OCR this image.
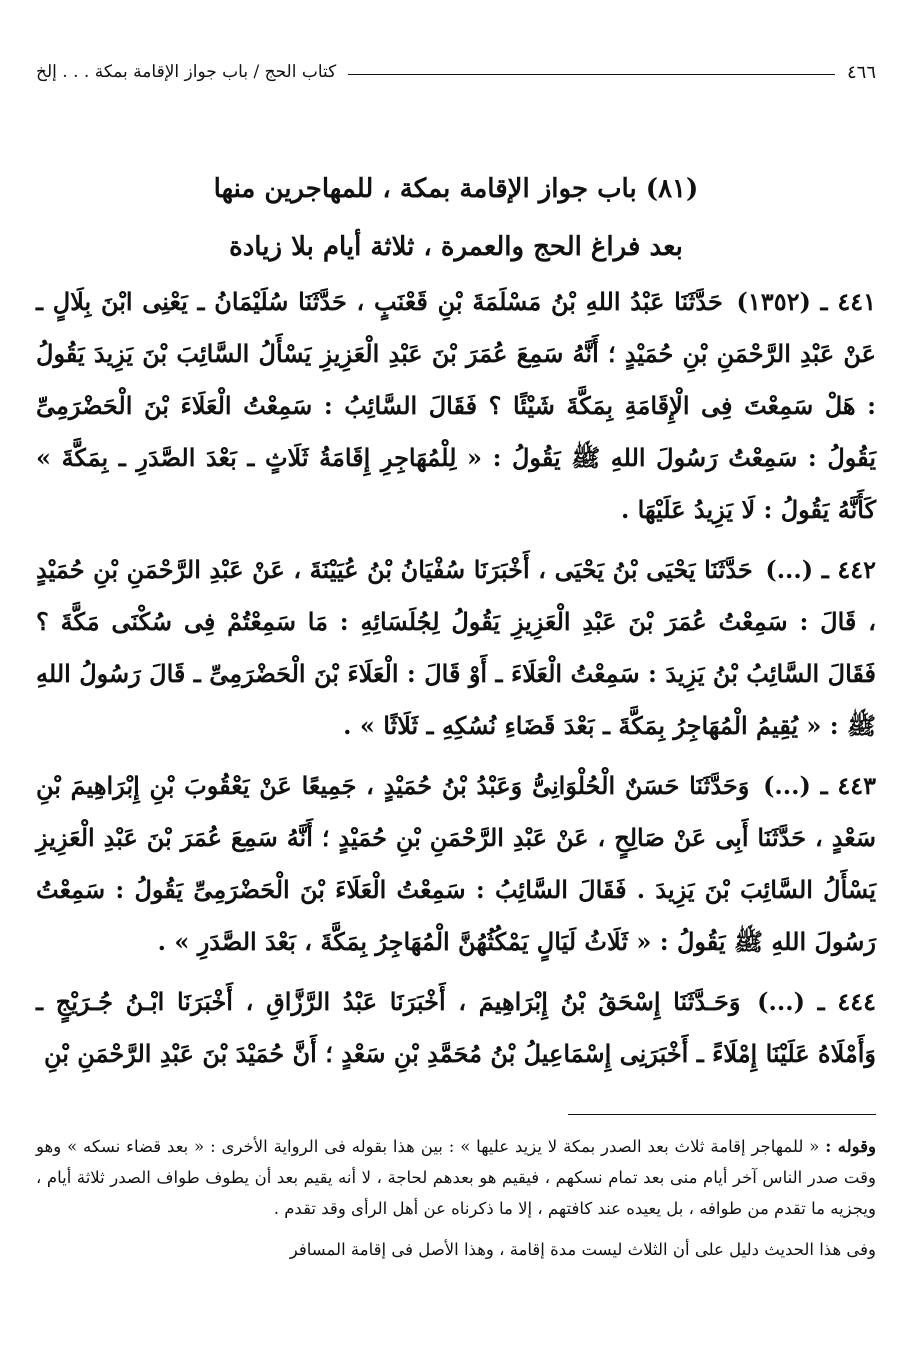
٤٦٦
كتاب الحج / باب جواز الإقامة بمكة . . . إلخ
(٨١) باب جواز الإقامة بمكة ، للمهاجرين منها
بعد فراغ الحج والعمرة ، ثلاثة أيام بلا زيادة

٤٤١ ـ (١٣٥٢) حَدَّثَنَا عَبْدُ اللهِ بْنُ مَسْلَمَةَ بْنِ قَعْنَبٍ ، حَدَّثَنَا سُلَيْمَانُ ـ يَعْنِى ابْنَ بِلَالٍ ـ عَنْ عَبْدِ الرَّحْمَنِ بْنِ حُمَيْدٍ ؛ أَنَّهُ سَمِعَ عُمَرَ بْنَ عَبْدِ الْعَزِيزِ يَسْأَلُ السَّائِبَ بْنَ يَزِيدَ يَقُولُ : هَلْ سَمِعْتَ فِى الْإِقَامَةِ بِمَكَّةَ شَيْئًا ؟ فَقَالَ السَّائِبُ : سَمِعْتُ الْعَلَاءَ بْنَ الْحَضْرَمِىِّ يَقُولُ : سَمِعْتُ رَسُولَ اللهِ ﷺ يَقُولُ : « لِلْمُهَاجِرِ إِقَامَةُ ثَلَاثٍ ـ بَعْدَ الصَّدَرِ ـ بِمَكَّةَ » كَأَنَّهُ يَقُولُ : لَا يَزِيدُ عَلَيْهَا .

٤٤٢ ـ (...) حَدَّثَنَا يَحْيَى بْنُ يَحْيَى ، أَخْبَرَنَا سُفْيَانُ بْنُ عُيَيْنَةَ ، عَنْ عَبْدِ الرَّحْمَنِ بْنِ حُمَيْدٍ ، قَالَ : سَمِعْتُ عُمَرَ بْنَ عَبْدِ الْعَزِيزِ يَقُولُ لِجُلَسَائِهِ : مَا سَمِعْتُمْ فِى سُكْنَى مَكَّةَ ؟ فَقَالَ السَّائِبُ بْنُ يَزِيدَ : سَمِعْتُ الْعَلَاءَ ـ أَوْ قَالَ : الْعَلَاءَ بْنَ الْحَضْرَمِىِّ ـ قَالَ رَسُولُ اللهِ ﷺ : « يُقِيمُ الْمُهَاجِرُ بِمَكَّةَ ـ بَعْدَ قَضَاءِ نُسُكِهِ ـ ثَلَاثًا » .

٤٤٣ ـ (...) وَحَدَّثَنَا حَسَنٌ الْحُلْوَانِىُّ وَعَبْدُ بْنُ حُمَيْدٍ ، جَمِيعًا عَنْ يَعْقُوبَ بْنِ إِبْرَاهِيمَ بْنِ سَعْدٍ ، حَدَّثَنَا أَبِى عَنْ صَالِحٍ ، عَنْ عَبْدِ الرَّحْمَنِ بْنِ حُمَيْدٍ ؛ أَنَّهُ سَمِعَ عُمَرَ بْنَ عَبْدِ الْعَزِيزِ يَسْأَلُ السَّائِبَ بْنَ يَزِيدَ . فَقَالَ السَّائِبُ : سَمِعْتُ الْعَلَاءَ بْنَ الْحَضْرَمِىِّ يَقُولُ : سَمِعْتُ رَسُولَ اللهِ ﷺ يَقُولُ : « ثَلَاثُ لَيَالٍ يَمْكُثُهُنَّ الْمُهَاجِرُ بِمَكَّةَ ، بَعْدَ الصَّدَرِ » .

٤٤٤ ـ (...) وَحَـدَّثَنَا إِسْحَقُ بْنُ إِبْرَاهِيمَ ، أَخْبَرَنَا عَبْدُ الرَّزَّاقِ ، أَخْبَرَنَا ابْـنُ جُـرَيْجٍ ـ وَأَمْلَاهُ عَلَيْنَا إِمْلَاءً ـ أَخْبَرَنِى إِسْمَاعِيلُ بْنُ مُحَمَّدِ بْنِ سَعْدٍ ؛ أَنَّ حُمَيْدَ بْنَ عَبْدِ الرَّحْمَنِ بْنِ

وقوله : « للمهاجر إقامة ثلاث بعد الصدر بمكة لا يزيد عليها » : بين هذا بقوله فى الرواية الأخرى : « بعد قضاء نسكه » وهو وقت صدر الناس آخر أيام منى بعد تمام نسكهم ، فيقيم هو بعدهم لحاجة ، لا أنه يقيم بعد أن يطوف طواف الصدر ثلاثة أيام ، ويجزيه ما تقدم من طوافه ، بل يعيده عند كافتهم ، إلا ما ذكرناه عن أهل الرأى وقد تقدم .

وفى هذا الحديث دليل على أن الثلاث ليست مدة إقامة ، وهذا الأصل فى إقامة المسافر
